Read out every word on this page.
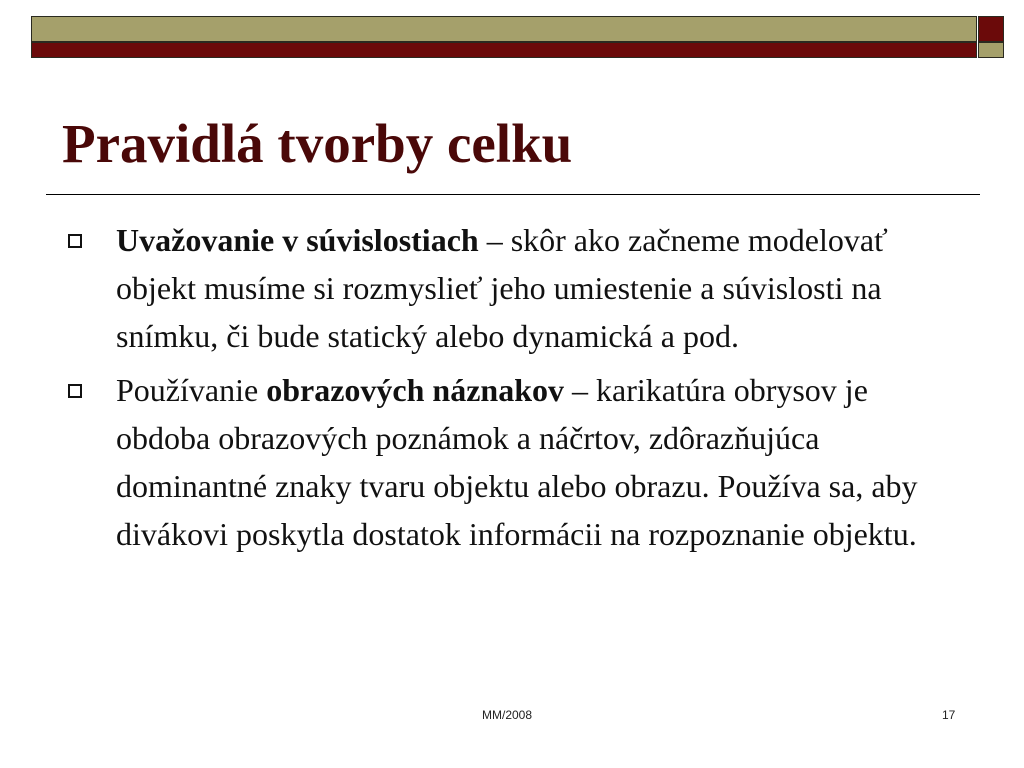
Pravidlá tvorby celku
Uvažovanie v súvislostiach – skôr ako začneme modelovať objekt musíme si rozmyslieť jeho umiestenie a súvislosti na snímku, či bude statický alebo dynamická a pod.
Používanie obrazových náznakov – karikatúra obrysov je obdoba obrazových poznámok a náčrtov, zdôrazňujúca dominantné znaky tvaru objektu alebo obrazu. Používa sa, aby divákovi poskytla dostatok informácii na rozpoznanie objektu.
MM/2008	17
